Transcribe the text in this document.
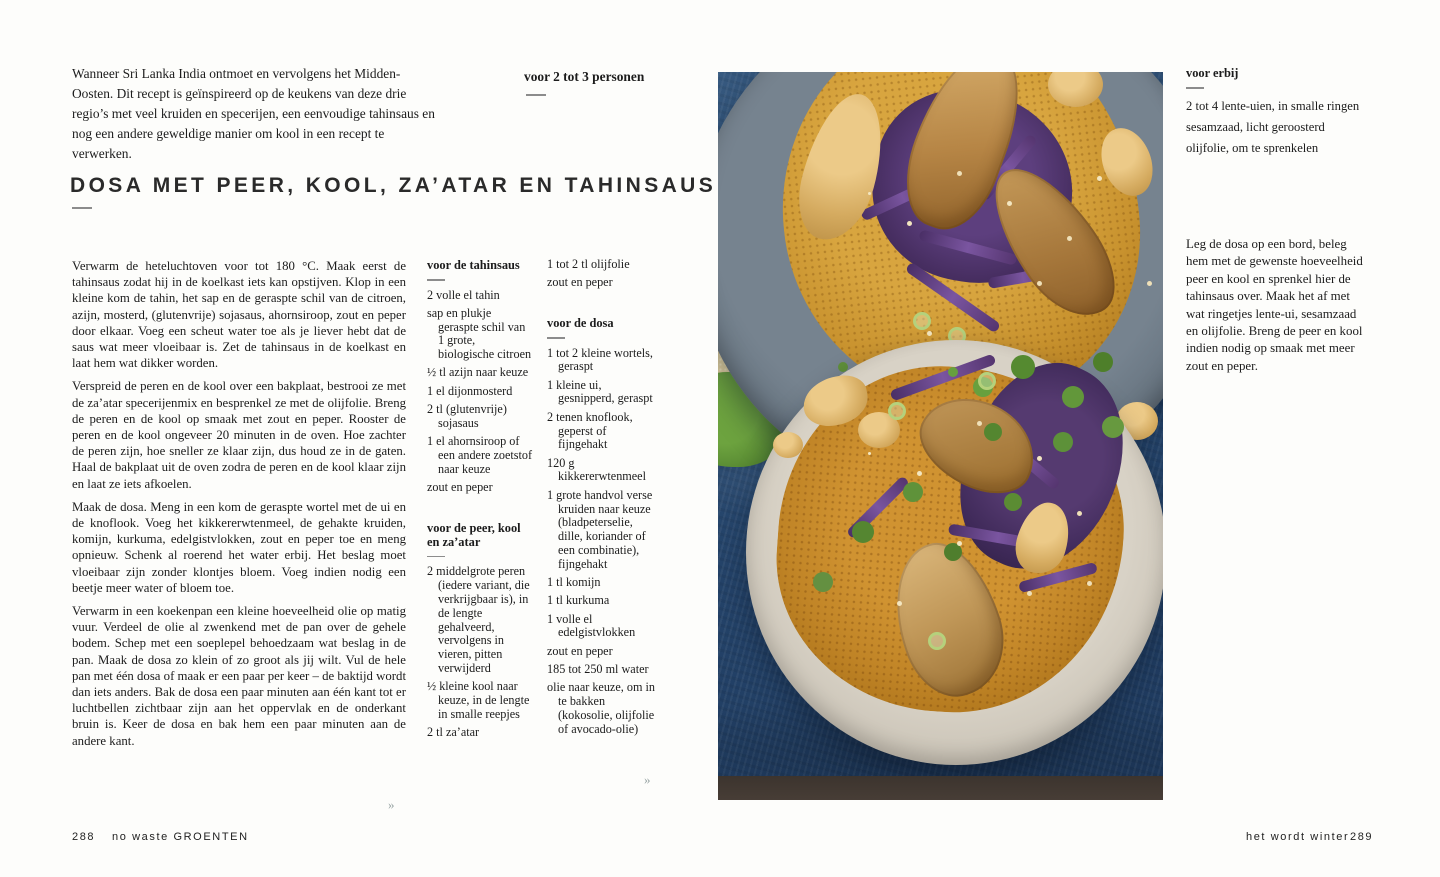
Wanneer Sri Lanka India ontmoet en vervolgens het Midden-Oosten. Dit recept is geïnspireerd op de keukens van deze drie regio’s met veel kruiden en specerijen, een eenvoudige tahinsaus en nog een andere geweldige manier om kool in een recept te verwerken.
voor 2 tot 3 personen
DOSA MET PEER, KOOL, ZA’ATAR EN TAHINSAUS

Verwarm de heteluchtoven voor tot 180 °C. Maak eerst de tahinsaus zodat hij in de koelkast iets kan opstijven. Klop in een kleine kom de tahin, het sap en de geraspte schil van de citroen, azijn, mosterd, (glutenvrije) sojasaus, ahornsiroop, zout en peper door elkaar. Voeg een scheut water toe als je liever hebt dat de saus wat meer vloeibaar is. Zet de tahinsaus in de koelkast en laat hem wat dikker worden.

Verspreid de peren en de kool over een bakplaat, bestrooi ze met de za’atar specerijenmix en besprenkel ze met de olijfolie. Breng de peren en de kool op smaak met zout en peper. Rooster de peren en de kool ongeveer 20 minuten in de oven. Hoe zachter de peren zijn, hoe sneller ze klaar zijn, dus houd ze in de gaten. Haal de bakplaat uit de oven zodra de peren en de kool klaar zijn en laat ze iets afkoelen.

Maak de dosa. Meng in een kom de geraspte wortel met de ui en de knoflook. Voeg het kikkererwtenmeel, de gehakte kruiden, komijn, kurkuma, edelgistvlokken, zout en peper toe en meng opnieuw. Schenk al roerend het water erbij. Het beslag moet vloeibaar zijn zonder klontjes bloem. Voeg indien nodig een beetje meer water of bloem toe.

Verwarm in een koekenpan een kleine hoeveelheid olie op matig vuur. Verdeel de olie al zwenkend met de pan over de gehele bodem. Schep met een soeplepel behoedzaam wat beslag in de pan. Maak de dosa zo klein of zo groot als jij wilt. Vul de hele pan met één dosa of maak er een paar per keer – de baktijd wordt dan iets anders. Bak de dosa een paar minuten aan één kant tot er luchtbellen zichtbaar zijn aan het oppervlak en de onderkant bruin is. Keer de dosa en bak hem een paar minuten aan de andere kant.

»
voor de tahinsaus
2 volle el tahin
sap en plukje geraspte schil van 1 grote, biologische citroen
½ tl azijn naar keuze
1 el dijonmosterd
2 tl (glutenvrije) sojasaus
1 el ahornsiroop of een andere zoetstof naar keuze
zout en peper
voor de peer, kool en za’atar
2 middelgrote peren (iedere variant, die verkrijgbaar is), in de lengte gehalveerd, vervolgens in vieren, pitten verwijderd
½ kleine kool naar keuze, in de lengte in smalle reepjes
2 tl za’atar
1 tot 2 tl olijfolie
zout en peper
voor de dosa
1 tot 2 kleine wortels, geraspt
1 kleine ui, gesnipperd, geraspt
2 tenen knoflook, geperst of fijngehakt
120 g kikkererwtenmeel
1 grote handvol verse kruiden naar keuze (bladpeterselie, dille, koriander of een combinatie), fijngehakt
1 tl komijn
1 tl kurkuma
1 volle el edelgistvlokken
zout en peper
185 tot 250 ml water
olie naar keuze, om in te bakken (kokosolie, olijfolie of avocado-olie)
»
voor erbij
2 tot 4 lente-uien, in smalle ringen
sesamzaad, licht geroosterd
olijfolie, om te sprenkelen
Leg de dosa op een bord, beleg hem met de gewenste hoeveelheid peer en kool en sprenkel hier de tahinsaus over. Maak het af met wat ringetjes lente-ui, sesamzaad en olijfolie. Breng de peer en kool indien nodig op smaak met meer zout en peper.
288 no waste GROENTEN	het wordt winter 289
